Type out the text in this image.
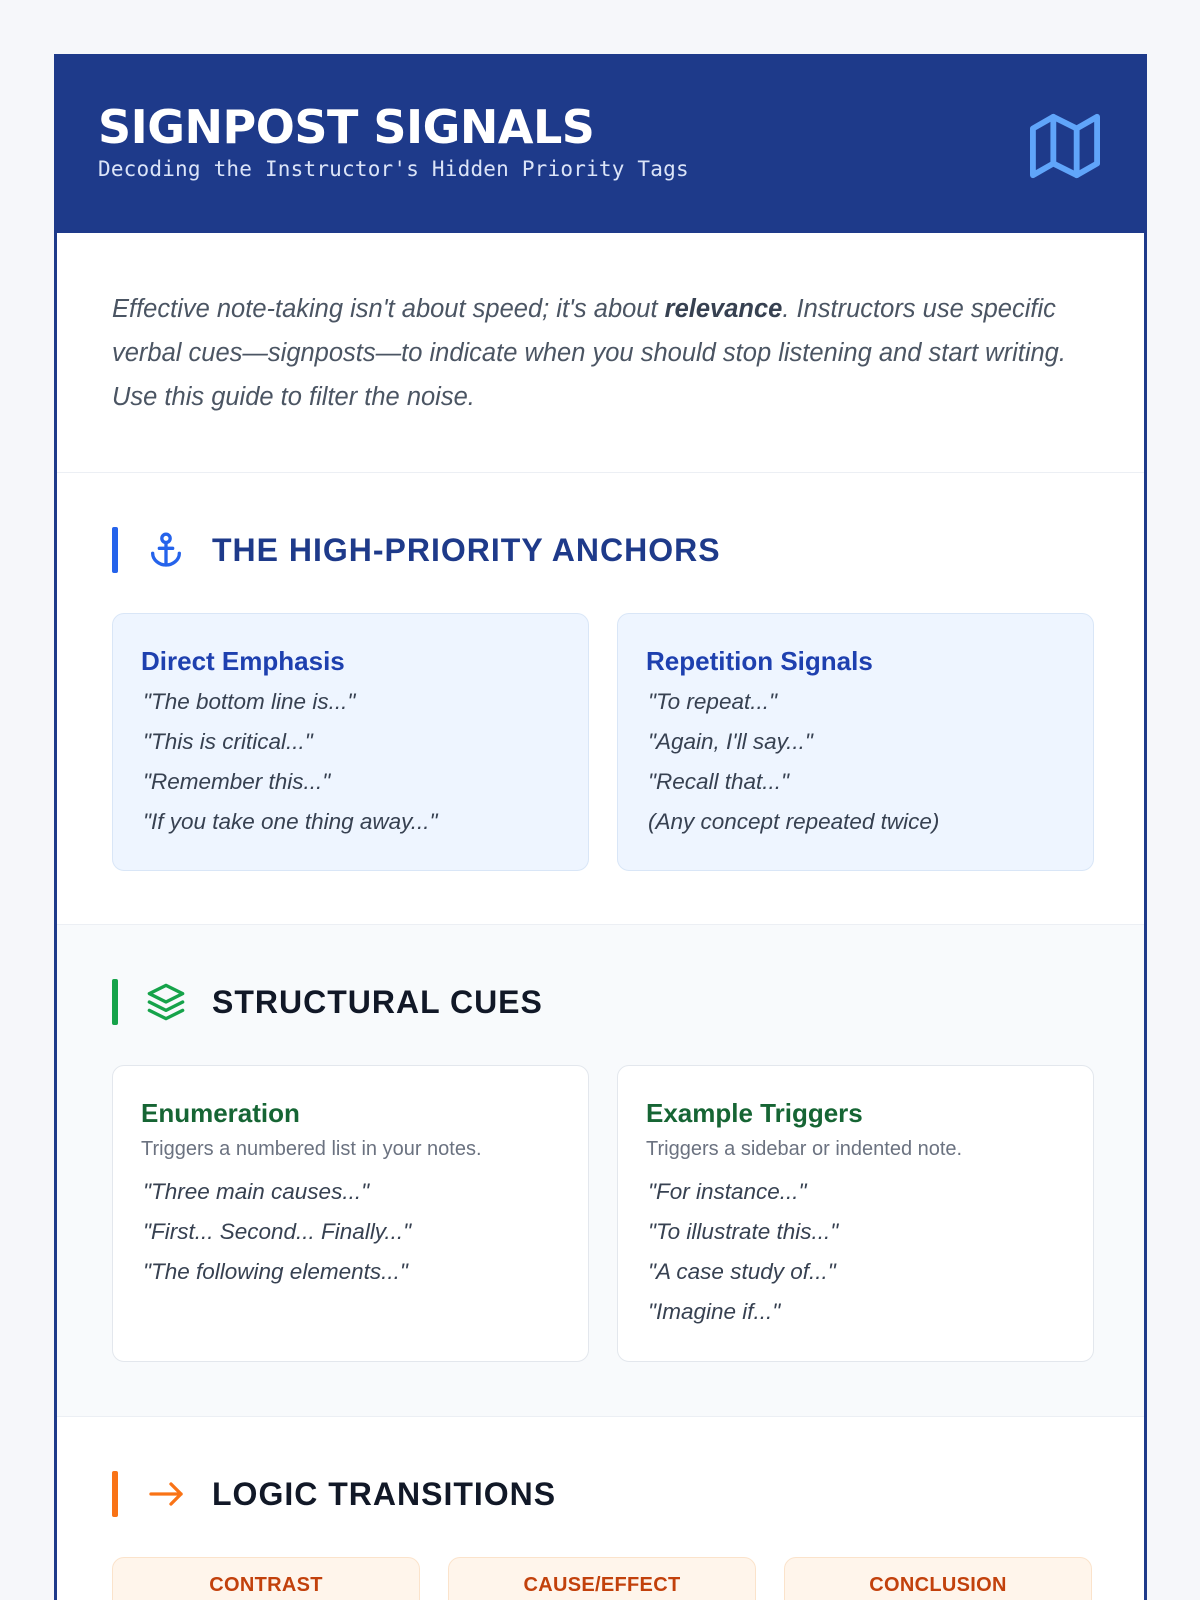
SIGNPOST SIGNALS
Decoding the Instructor's Hidden Priority Tags

Effective note-taking isn't about speed; it's about relevance. Instructors use specific verbal cues—signposts—to indicate when you should stop listening and start writing. Use this guide to filter the noise.

THE HIGH-PRIORITY ANCHORS
Direct Emphasis
"The bottom line is..."
"This is critical..."
"Remember this..."
"If you take one thing away..."
Repetition Signals
"To repeat..."
"Again, I'll say..."
"Recall that..."
(Any concept repeated twice)
STRUCTURAL CUES
Enumeration
Triggers a numbered list in your notes.
"Three main causes..."
"First... Second... Finally..."
"The following elements..."
Example Triggers
Triggers a sidebar or indented note.
"For instance..."
"To illustrate this..."
"A case study of..."
"Imagine if..."
LOGIC TRANSITIONS
CONTRAST	CAUSE/EFFECT	CONCLUSION
